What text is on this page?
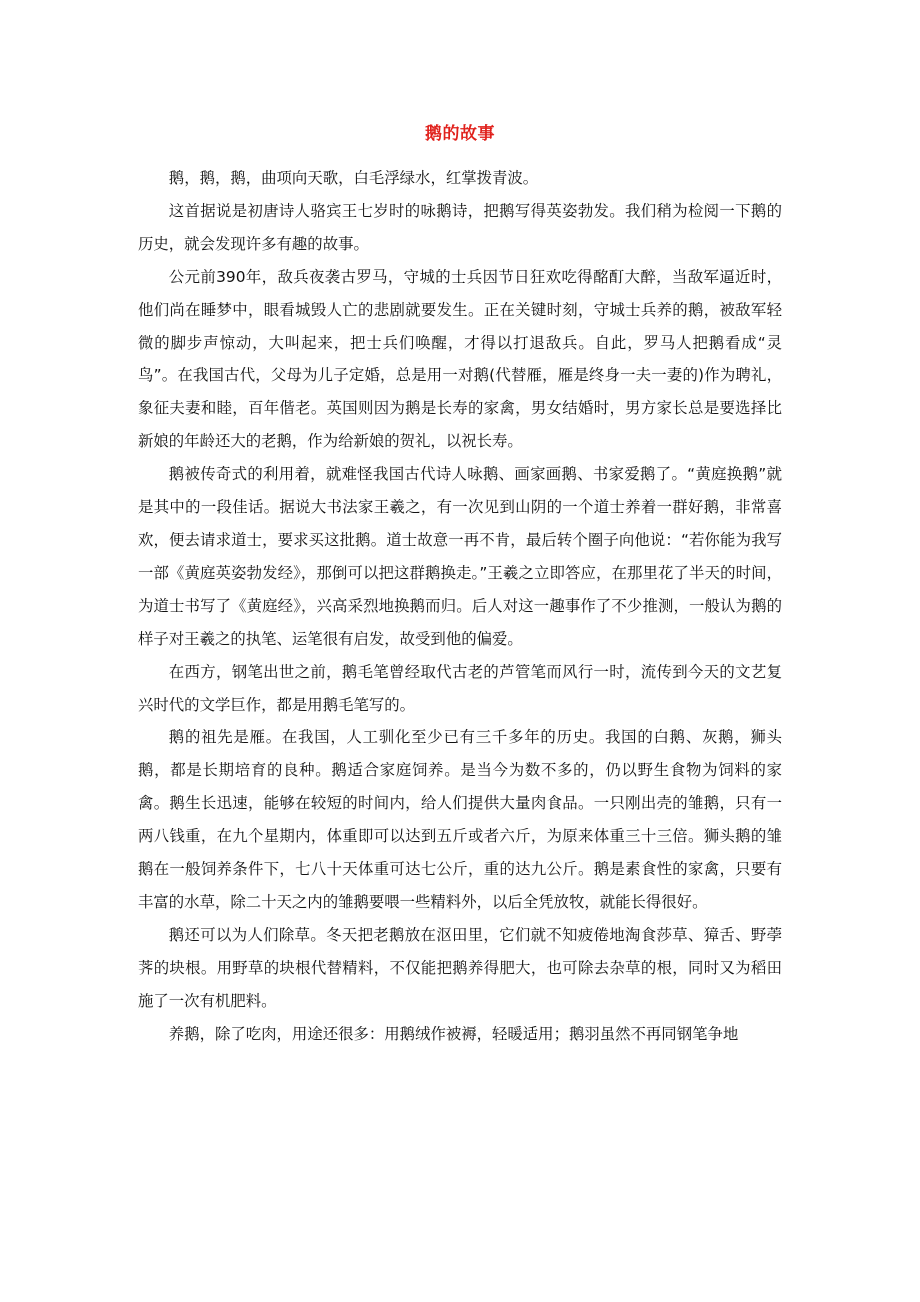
鹅的故事

鹅，鹅，鹅，曲项向天歌，白毛浮绿水，红掌拨青波。

这首据说是初唐诗人骆宾王七岁时的咏鹅诗，把鹅写得英姿勃发。我们稍为检阅一下鹅的历史，就会发现许多有趣的故事。

公元前390年，敌兵夜袭古罗马，守城的士兵因节日狂欢吃得酩酊大醉，当敌军逼近时，他们尚在睡梦中，眼看城毁人亡的悲剧就要发生。正在关键时刻，守城士兵养的鹅，被敌军轻微的脚步声惊动，大叫起来，把士兵们唤醒，才得以打退敌兵。自此，罗马人把鹅看成“灵鸟”。在我国古代，父母为儿子定婚，总是用一对鹅(代替雁，雁是终身一夫一妻的)作为聘礼，象征夫妻和睦，百年偕老。英国则因为鹅是长寿的家禽，男女结婚时，男方家长总是要选择比新娘的年龄还大的老鹅，作为给新娘的贺礼，以祝长寿。

鹅被传奇式的利用着，就难怪我国古代诗人咏鹅、画家画鹅、书家爱鹅了。“黄庭换鹅”就是其中的一段佳话。据说大书法家王羲之，有一次见到山阴的一个道士养着一群好鹅，非常喜欢，便去请求道士，要求买这批鹅。道士故意一再不肯，最后转个圈子向他说：“若你能为我写一部《黄庭英姿勃发经》，那倒可以把这群鹅换走。”王羲之立即答应，在那里花了半天的时间，为道士书写了《黄庭经》，兴高采烈地换鹅而归。后人对这一趣事作了不少推测，一般认为鹅的样子对王羲之的执笔、运笔很有启发，故受到他的偏爱。

在西方，钢笔出世之前，鹅毛笔曾经取代古老的芦管笔而风行一时，流传到今天的文艺复兴时代的文学巨作，都是用鹅毛笔写的。

鹅的祖先是雁。在我国，人工驯化至少已有三千多年的历史。我国的白鹅、灰鹅，狮头鹅，都是长期培育的良种。鹅适合家庭饲养。是当今为数不多的，仍以野生食物为饲料的家禽。鹅生长迅速，能够在较短的时间内，给人们提供大量肉食品。一只刚出壳的雏鹅，只有一两八钱重，在九个星期内，体重即可以达到五斤或者六斤，为原来体重三十三倍。狮头鹅的雏鹅在一般饲养条件下，七八十天体重可达七公斤，重的达九公斤。鹅是素食性的家禽，只要有丰富的水草，除二十天之内的雏鹅要喂一些精料外，以后全凭放牧，就能长得很好。

鹅还可以为人们除草。冬天把老鹅放在沤田里，它们就不知疲倦地淘食莎草、獐舌、野荸荠的块根。用野草的块根代替精料，不仅能把鹅养得肥大，也可除去杂草的根，同时又为稻田施了一次有机肥料。

养鹅，除了吃肉，用途还很多：用鹅绒作被褥，轻暖适用；鹅羽虽然不再同钢笔争地
